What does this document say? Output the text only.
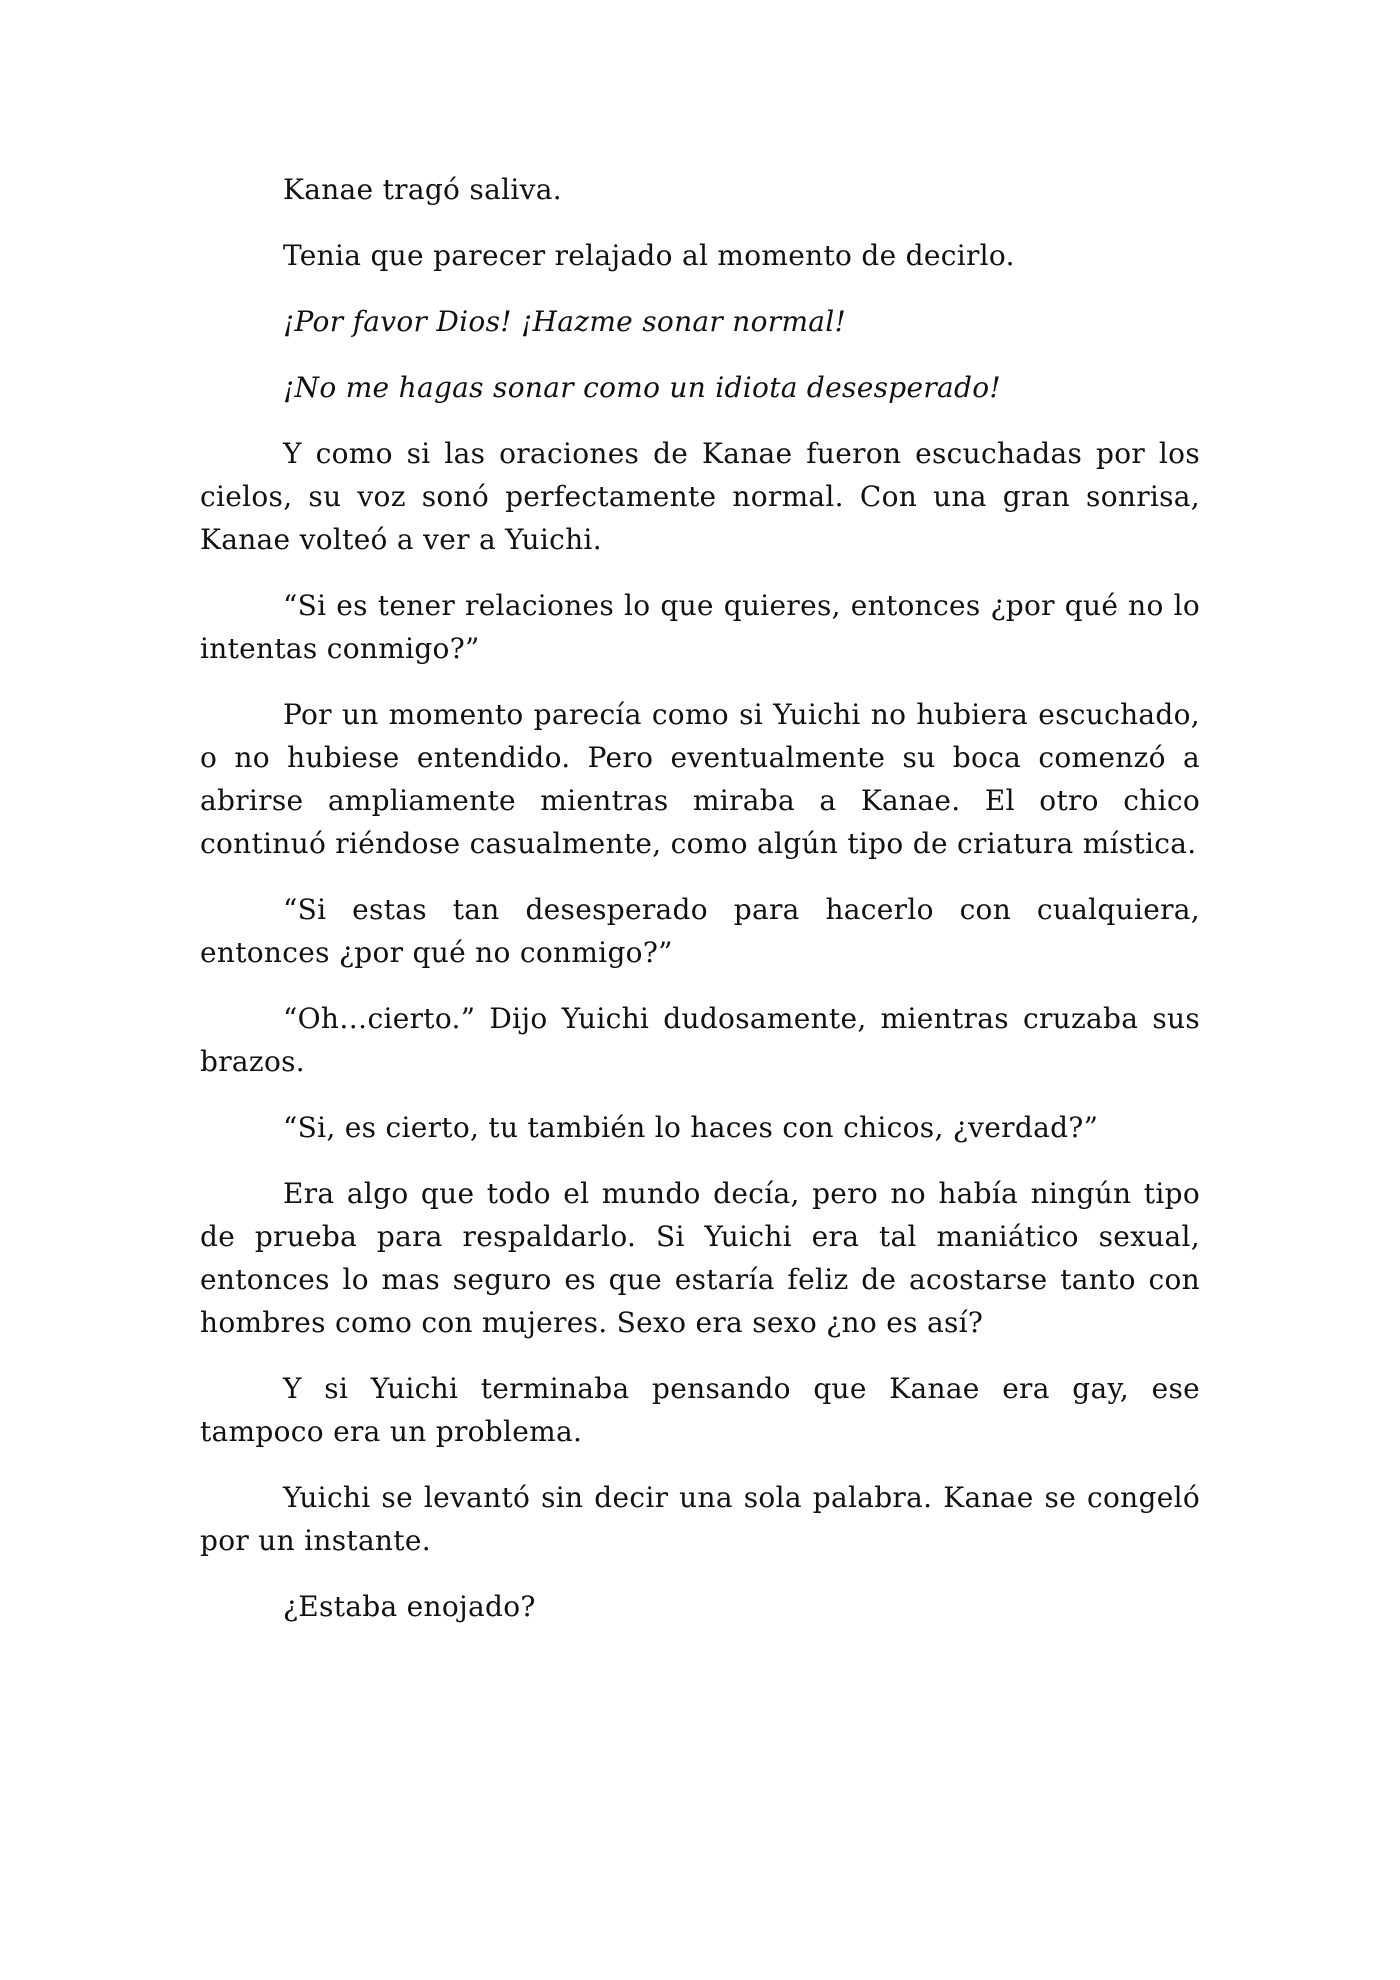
Kanae tragó saliva.

Tenia que parecer relajado al momento de decirlo.

¡Por favor Dios! ¡Hazme sonar normal!

¡No me hagas sonar como un idiota desesperado!

Y como si las oraciones de Kanae fueron escuchadas por los cielos, su voz sonó perfectamente normal. Con una gran sonrisa, Kanae volteó a ver a Yuichi.

“Si es tener relaciones lo que quieres, entonces ¿por qué no lo intentas conmigo?”

Por un momento parecía como si Yuichi no hubiera escuchado, o no hubiese entendido. Pero eventualmente su boca comenzó a abrirse ampliamente mientras miraba a Kanae. El otro chico continuó riéndose casualmente, como algún tipo de criatura mística.

“Si estas tan desesperado para hacerlo con cualquiera, entonces ¿por qué no conmigo?”

“Oh…cierto.” Dijo Yuichi dudosamente, mientras cruzaba sus brazos.

“Si, es cierto, tu también lo haces con chicos, ¿verdad?”

Era algo que todo el mundo decía, pero no había ningún tipo de prueba para respaldarlo. Si Yuichi era tal maniático sexual, entonces lo mas seguro es que estaría feliz de acostarse tanto con hombres como con mujeres. Sexo era sexo ¿no es así?

Y si Yuichi terminaba pensando que Kanae era gay, ese tampoco era un problema.

Yuichi se levantó sin decir una sola palabra. Kanae se congeló por un instante.

¿Estaba enojado?
